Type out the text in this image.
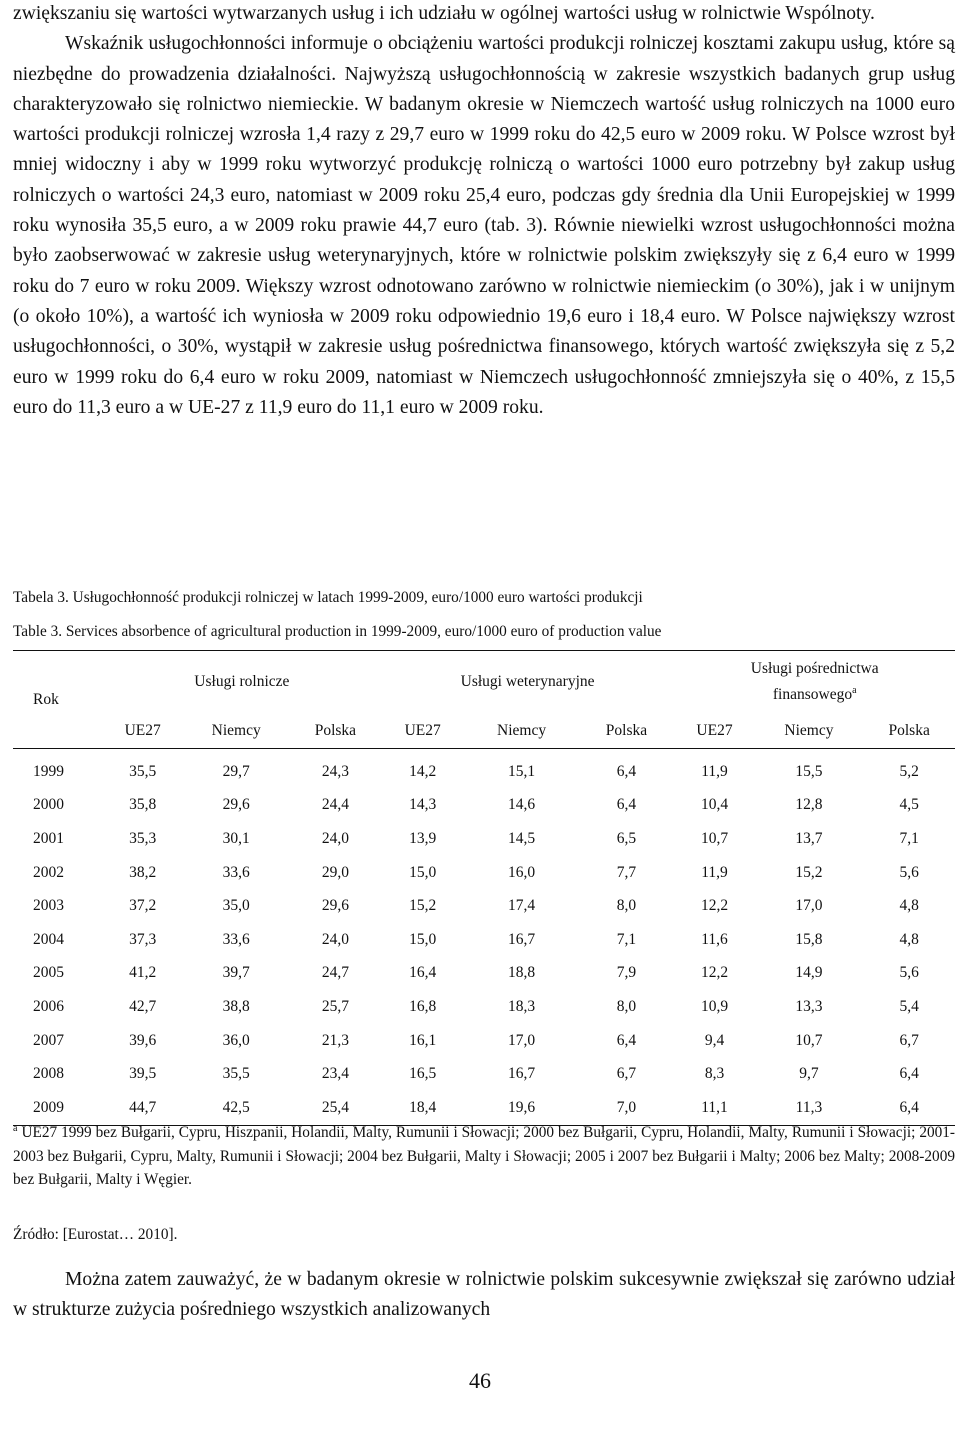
zwiększaniu się wartości wytwarzanych usług i ich udziału w ogólnej wartości usług w rolnictwie Wspólnoty.

Wskaźnik usługochłonności informuje o obciążeniu wartości produkcji rolniczej kosztami zakupu usług, które są niezbędne do prowadzenia działalności. Najwyższą usługochłonnością w zakresie wszystkich badanych grup usług charakteryzowało się rolnictwo niemieckie. W badanym okresie w Niemczech wartość usług rolniczych na 1000 euro wartości produkcji rolniczej wzrosła 1,4 razy z 29,7 euro w 1999 roku do 42,5 euro w 2009 roku. W Polsce wzrost był mniej widoczny i aby w 1999 roku wytworzyć produkcję rolniczą o wartości 1000 euro potrzebny był zakup usług rolniczych o wartości 24,3 euro, natomiast w 2009 roku 25,4 euro, podczas gdy średnia dla Unii Europejskiej w 1999 roku wynosiła 35,5 euro, a w 2009 roku prawie 44,7 euro (tab. 3). Równie niewielki wzrost usługochłonności można było zaobserwować w zakresie usług weterynaryjnych, które w rolnictwie polskim zwiększyły się z 6,4 euro w 1999 roku do 7 euro w roku 2009. Większy wzrost odnotowano zarówno w rolnictwie niemieckim (o 30%), jak i w unijnym (o około 10%), a wartość ich wyniosła w 2009 roku odpowiednio 19,6 euro i 18,4 euro. W Polsce największy wzrost usługochłonności, o 30%, wystąpił w zakresie usług pośrednictwa finansowego, których wartość zwiększyła się z 5,2 euro w 1999 roku do 6,4 euro w roku 2009, natomiast w Niemczech usługochłonność zmniejszyła się o 40%, z 15,5 euro do 11,3 euro a w UE-27 z 11,9 euro do 11,1 euro w 2009 roku.

Tabela 3. Usługochłonność produkcji rolniczej w latach 1999-2009, euro/1000 euro wartości produkcji
Table 3. Services absorbence of agricultural production in 1999-2009, euro/1000 euro of production value
Rok	Usługi rolnicze			Usługi weterynaryjne			Usługi pośrednictwa
finansowego$^a$
	UE27	Niemcy	Polska	UE27	Niemcy	Polska	UE27	Niemcy	Polska
1999	35,5	29,7	24,3	14,2	15,1	6,4	11,9	15,5	5,2
2000	35,8	29,6	24,4	14,3	14,6	6,4	10,4	12,8	4,5
2001	35,3	30,1	24,0	13,9	14,5	6,5	10,7	13,7	7,1
2002	38,2	33,6	29,0	15,0	16,0	7,7	11,9	15,2	5,6
2003	37,2	35,0	29,6	15,2	17,4	8,0	12,2	17,0	4,8
2004	37,3	33,6	24,0	15,0	16,7	7,1	11,6	15,8	4,8
2005	41,2	39,7	24,7	16,4	18,8	7,9	12,2	14,9	5,6
2006	42,7	38,8	25,7	16,8	18,3	8,0	10,9	13,3	5,4
2007	39,6	36,0	21,3	16,1	17,0	6,4	9,4	10,7	6,7
2008	39,5	35,5	23,4	16,5	16,7	6,7	8,3	9,7	6,4
2009	44,7	42,5	25,4	18,4	19,6	7,0	11,1	11,3	6,4

$^a$ UE27 1999 bez Bułgarii, Cypru, Hiszpanii, Holandii, Malty, Rumunii i Słowacji; 2000 bez Bułgarii, Cypru, Holandii, Malty, Rumunii i Słowacji; 2001-2003 bez Bułgarii, Cypru, Malty, Rumunii i Słowacji; 2004 bez Bułgarii, Malty i Słowacji; 2005 i 2007 bez Bułgarii i Malty; 2006 bez Malty; 2008-2009 bez Bułgarii, Malty i Węgier.

Źródło: [Eurostat… 2010].

Można zatem zauważyć, że w badanym okresie w rolnictwie polskim sukcesywnie zwiększał się zarówno udział w strukturze zużycia pośredniego wszystkich analizowanych

46
